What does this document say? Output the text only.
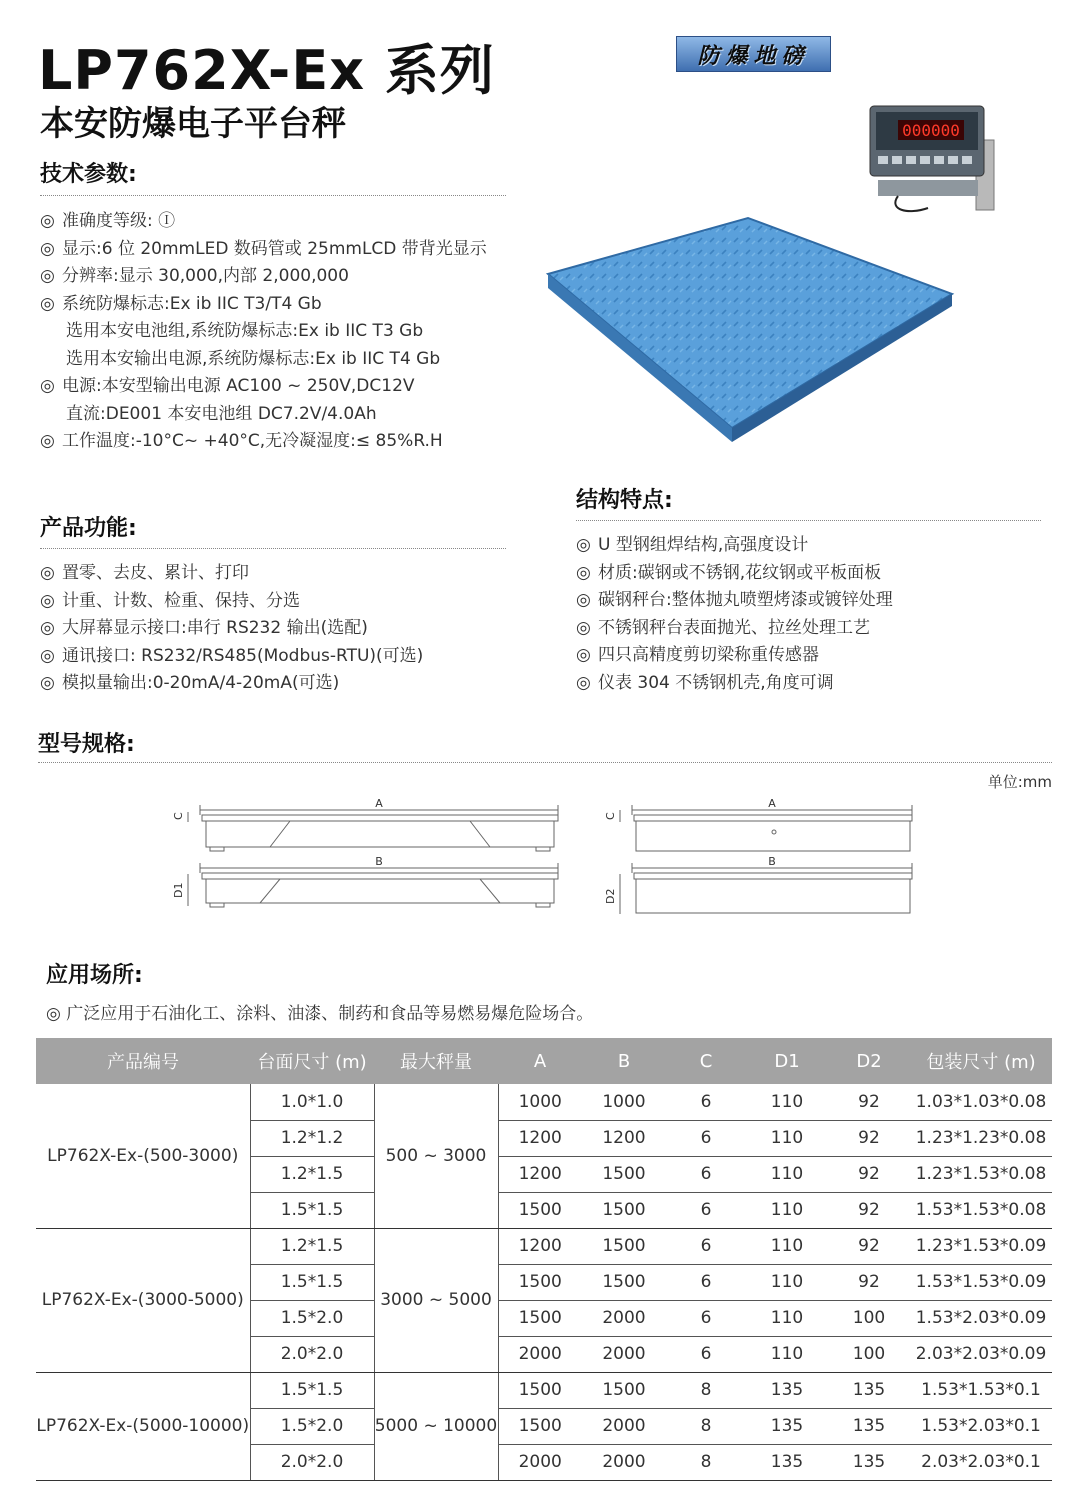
LP762X-Ex 系列
本安防爆电子平台秤
防爆地磅
000000
技术参数:
◎ 准确度等级: Ⓘ
◎ 显示:6 位 20mmLED 数码管或 25mmLCD 带背光显示
◎ 分辨率:显示 30,000,内部 2,000,000
◎ 系统防爆标志:Ex ib IIC T3/T4 Gb
选用本安电池组,系统防爆标志:Ex ib IIC T3 Gb
选用本安输出电源,系统防爆标志:Ex ib IIC T4 Gb
◎ 电源:本安型输出电源 AC100 ~ 250V,DC12V
直流:DE001 本安电池组 DC7.2V/4.0Ah
◎ 工作温度:-10°C~ +40°C,无冷凝湿度:≤ 85%R.H
结构特点:
◎ U 型钢组焊结构,高强度设计
◎ 材质:碳钢或不锈钢,花纹钢或平板面板
◎ 碳钢秤台:整体抛丸喷塑烤漆或镀锌处理
◎ 不锈钢秤台表面抛光、拉丝处理工艺
◎ 四只高精度剪切梁称重传感器
◎ 仪表 304 不锈钢机壳,角度可调
产品功能:
◎ 置零、去皮、累计、打印
◎ 计重、计数、检重、保持、分选
◎ 大屏幕显示接口:串行 RS232 输出(选配)
◎ 通讯接口: RS232/RS485(Modbus-RTU)(可选)
◎ 模拟量输出:0-20mA/4-20mA(可选)
型号规格:
单位:mm
A
B
C
D1
A
B
C
D2
应用场所:
◎ 广泛应用于石油化工、涂料、油漆、制药和食品等易燃易爆危险场合。
产品编号	台面尺寸 (m)	最大秤量	A	B	C	D1	D2	包装尺寸 (m)
LP762X-Ex-(500-3000)	1.0*1.0	500 ~ 3000	1000	1000	6	110	92	1.03*1.03*0.08
	1.2*1.2		1200	1200	6	110	92	1.23*1.23*0.08
	1.2*1.5		1200	1500	6	110	92	1.23*1.53*0.08
	1.5*1.5		1500	1500	6	110	92	1.53*1.53*0.08
LP762X-Ex-(3000-5000)	1.2*1.5	3000 ~ 5000	1200	1500	6	110	92	1.23*1.53*0.09
	1.5*1.5		1500	1500	6	110	92	1.53*1.53*0.09
	1.5*2.0		1500	2000	6	110	100	1.53*2.03*0.09
	2.0*2.0		2000	2000	6	110	100	2.03*2.03*0.09
LP762X-Ex-(5000-10000)	1.5*1.5	5000 ~ 10000	1500	1500	8	135	135	1.53*1.53*0.1
	1.5*2.0		1500	2000	8	135	135	1.53*2.03*0.1
	2.0*2.0		2000	2000	8	135	135	2.03*2.03*0.1
